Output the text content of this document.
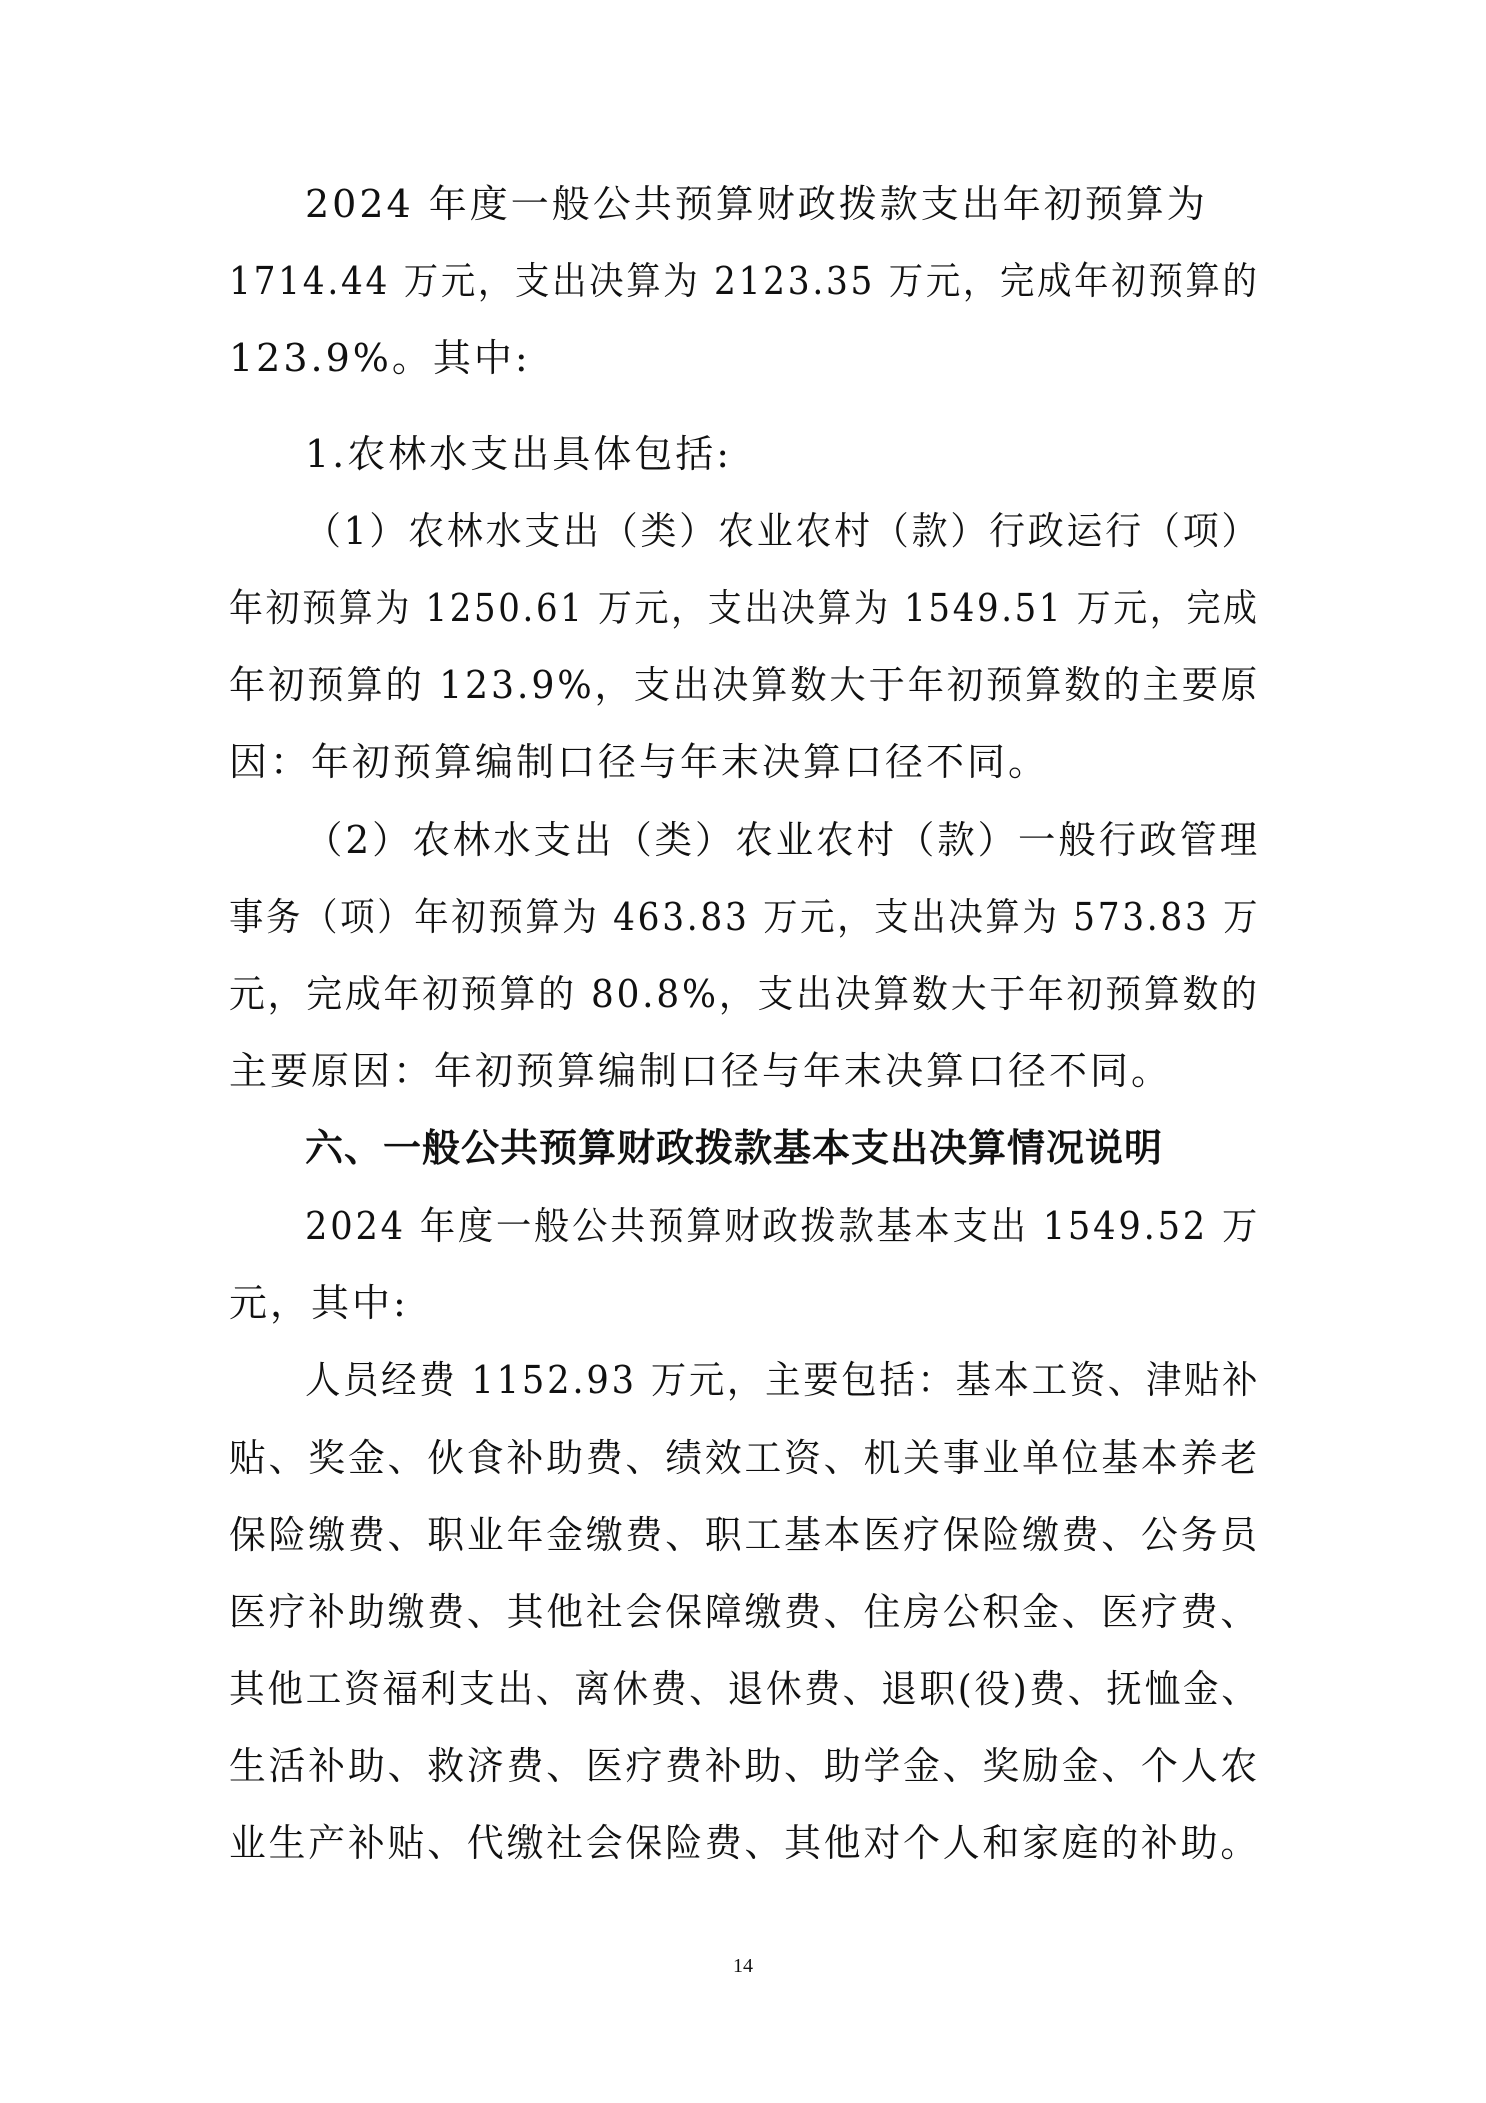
2024 年度一般公共预算财政拨款支出年初预算为
1714.44 万元，支出决算为 2123.35 万元，完成年初预算的
123.9%。其中:
1.农林水支出具体包括:
（1）农林水支出（类）农业农村（款）行政运行（项）
年初预算为 1250.61 万元，支出决算为 1549.51 万元，完成
年初预算的 123.9%，支出决算数大于年初预算数的主要原
因：年初预算编制口径与年末决算口径不同。
（2）农林水支出（类）农业农村（款）一般行政管理
事务（项）年初预算为 463.83 万元，支出决算为 573.83 万
元，完成年初预算的 80.8%，支出决算数大于年初预算数的
主要原因：年初预算编制口径与年末决算口径不同。
六、一般公共预算财政拨款基本支出决算情况说明
2024 年度一般公共预算财政拨款基本支出 1549.52 万
元，其中:
人员经费 1152.93 万元，主要包括：基本工资、津贴补
贴、奖金、伙食补助费、绩效工资、机关事业单位基本养老
保险缴费、职业年金缴费、职工基本医疗保险缴费、公务员
医疗补助缴费、其他社会保障缴费、住房公积金、医疗费、
其他工资福利支出、离休费、退休费、退职(役)费、抚恤金、
生活补助、救济费、医疗费补助、助学金、奖励金、个人农
业生产补贴、代缴社会保险费、其他对个人和家庭的补助。
14
